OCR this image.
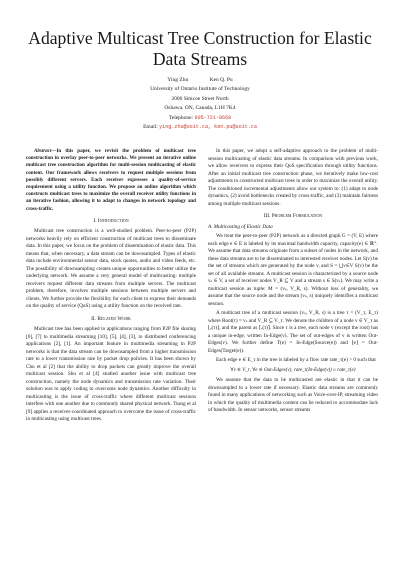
Adaptive Multicast Tree Construction for Elastic Data Streams
Ying Zhu	Ken Q. Pu
University of Ontario Institute of Technology
2000 Simcoe Street North
Oshawa, ON, Canada, L1H 7K4
Telephone: 905-721-8668
Email: ying.zhu@uoit.ca, ken.pu@uoit.ca

Abstract—In this paper, we revisit the problem of multicast tree construction in overlay peer-to-peer networks. We present an iterative online multicast tree construction algorithm for multi-session multicasting of elastic content. Our framework allows receivers to request multiple sessions from possibly different servers. Each receiver expresses a quality-of-service requirement using a utility function. We propose an online algorithm which constructs multicast trees to maximize the overall receiver utility functions in an iterative fashion, allowing it to adapt to changes in network topology and cross-traffic.

I. Introduction

Multicast tree construction is a well-studied problem. Peer-to-peer (P2P) networks heavily rely on efficient construction of multicast trees to disseminate data. In this paper, we focus on the problem of dissemination of elastic data. This means that, when necessary, a data stream can be downsampled. Types of elastic data include environmental sensor data, stock quotes, audio and video feeds, etc. The possibility of downsampling creates unique opportunities to better utilize the underlying network. We assume a very general model of multicasting: multiple receivers request different data streams from multiple servers. The multicast problem, therefore, involves multiple sessions between multiple servers and clients. We further provide the flexibility for each client to express their demands on the quality of service (QoS) using a utility function on the received rate.

II. Related Work

Multicast tree has been applied to applications ranging from P2P file sharing [6], [7] to multimedia streaming [10], [5], [4], [3], to distributed conferencing applications [2], [1]. An important feature in multimedia streaming in P2P networks is that the data stream can be downsampled from a higher transmission rate to a lower transmission rate by packet drop policies. It has been shown by Chu et al [2] that the ability to drop packets can greatly improve the overall multicast session. Shu et al [4] studied another issue with multicast tree construction, namely the node dynamics and transmission rate variation. Their solution was to apply coding to overcome node dynamics. Another difficulty in multicasting is the issue of cross-traffic where different multicast sessions interfere with one another due to commonly shared physical network. Tsang et al [9] applies a receiver-coordinated approach to overcome the issue of cross-traffic in multicasting using multicast trees.

In this paper, we adopt a self-adaptive approach to the problem of multi-session multicasting of elastic data streams. In comparison with previous work, we allow receivers to express their QoS specification through utility functions. After an initial multicast tree construction phase, we iteratively make low-cost adjustments to constructed multicast trees in order to maximize the overall utility. The conditioned incremental adjustments allow our system to: (1) adapt to node dynamics, (2) avoid bottlenecks created by cross-traffic, and (3) maintain fairness among multiple multicast sessions.

III. Problem Formulation
A. Multicasting of Elastic Data

We treat the peer-to-peer (P2P) network as a directed graph G = (V, E) where each edge e ∈ E is labeled by its maximal bandwidth capacity, capacity(e) ∈ ℝ⁺. We assume that data streams originate from a subset of nodes in the network, and these data streams are to be disseminated to interested receiver nodes. Let S(v) be the set of streams which are generated by the node v, and S = ⋃v∈V S(v) be the set of all available streams. A multicast session is characterized by a source node vₛ ∈ V, a set of receiver nodes V_R ⊆ V and a stream s ∈ S(vₛ). We may write a multicast session as tuple: M = (vₛ, V_R, s). Without loss of generality, we assume that the source node and the stream (vₛ, s) uniquely identifies a multicast session.

A multicast tree of a multicast session (vₛ, V_R, s) is a tree τ = (V_τ, E_τ) where Root(τ) = vₛ and V_R ⊆ V_τ. We denote the children of a node v ∈ V_τ as ⌊ᵥ(τ)⌋, and the parent as ⌈ᵥ(τ)⌉. Since τ is a tree, each node v (except the root) has a unique in-edge, written In-Edge(v). The set of out-edges of v is written Out-Edges(v). We further define T(e) = In-Edge(Source(e)) and ⌊e⌋ = Out-Edges(Target(e)).

Each edge e ∈ E_τ in the tree is labeled by a flow rate rate_τ(e) > 0 such that

∀v ∈ V_τ, ∀e ∈ Out-Edges(v), rate_τ(In-Edge(v)) ≥ rate_τ(e)

We assume that the data to be multicasted are elastic in that it can be downsampled to a lower rate if necessary. Elastic data streams are commonly found in many applications of networking such as Voice-over-IP, streaming video in which the quality of multimedia content can be reduced to accommodate lack of bandwidth. In sensor networks, sensor streams
